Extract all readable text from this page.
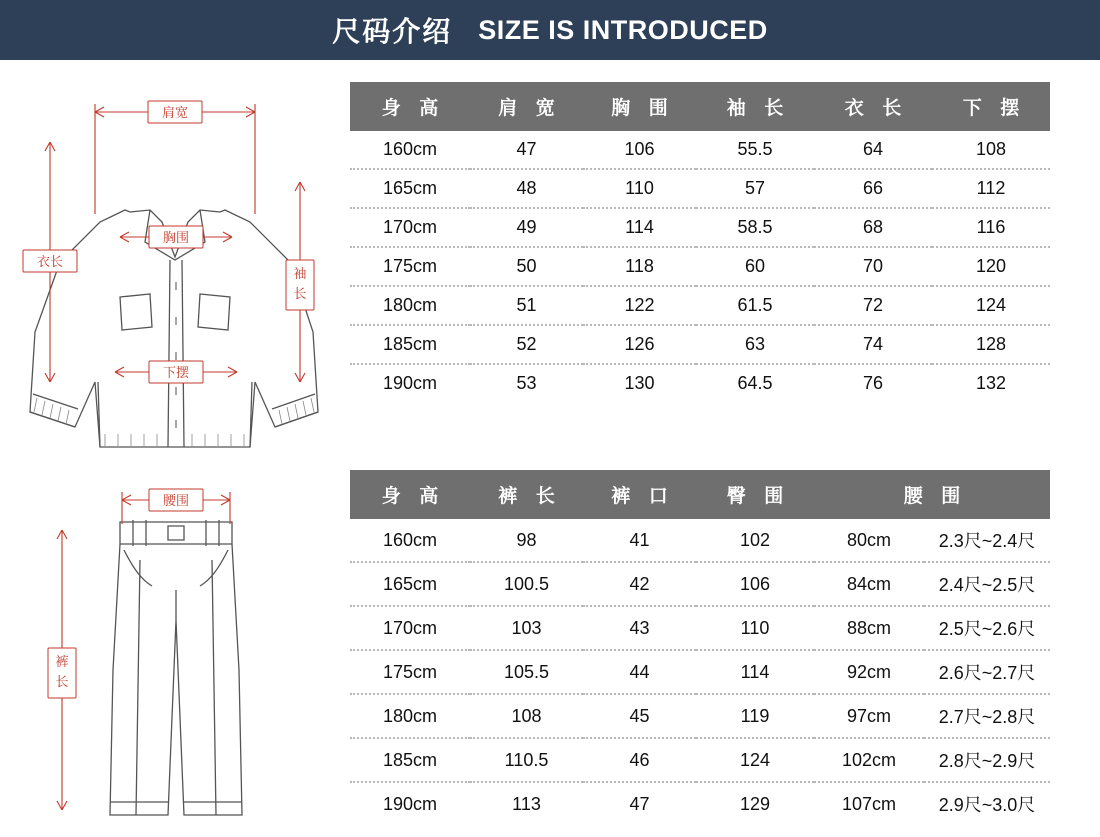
尺码介绍 SIZE IS INTRODUCED
肩宽
胸围
下摆
衣长
袖
长
身 高	肩 宽	胸 围	袖 长	衣 长	下 摆
160cm	47	106	55.5	64	108
165cm	48	110	57	66	112
170cm	49	114	58.5	68	116
175cm	50	118	60	70	120
180cm	51	122	61.5	72	124
185cm	52	126	63	74	128
190cm	53	130	64.5	76	132
腰围
裤
长
身 高	裤 长	裤 口	臀 围	腰 围	
160cm	98	41	102	80cm	2.3尺~2.4尺
165cm	100.5	42	106	84cm	2.4尺~2.5尺
170cm	103	43	110	88cm	2.5尺~2.6尺
175cm	105.5	44	114	92cm	2.6尺~2.7尺
180cm	108	45	119	97cm	2.7尺~2.8尺
185cm	110.5	46	124	102cm	2.8尺~2.9尺
190cm	113	47	129	107cm	2.9尺~3.0尺
